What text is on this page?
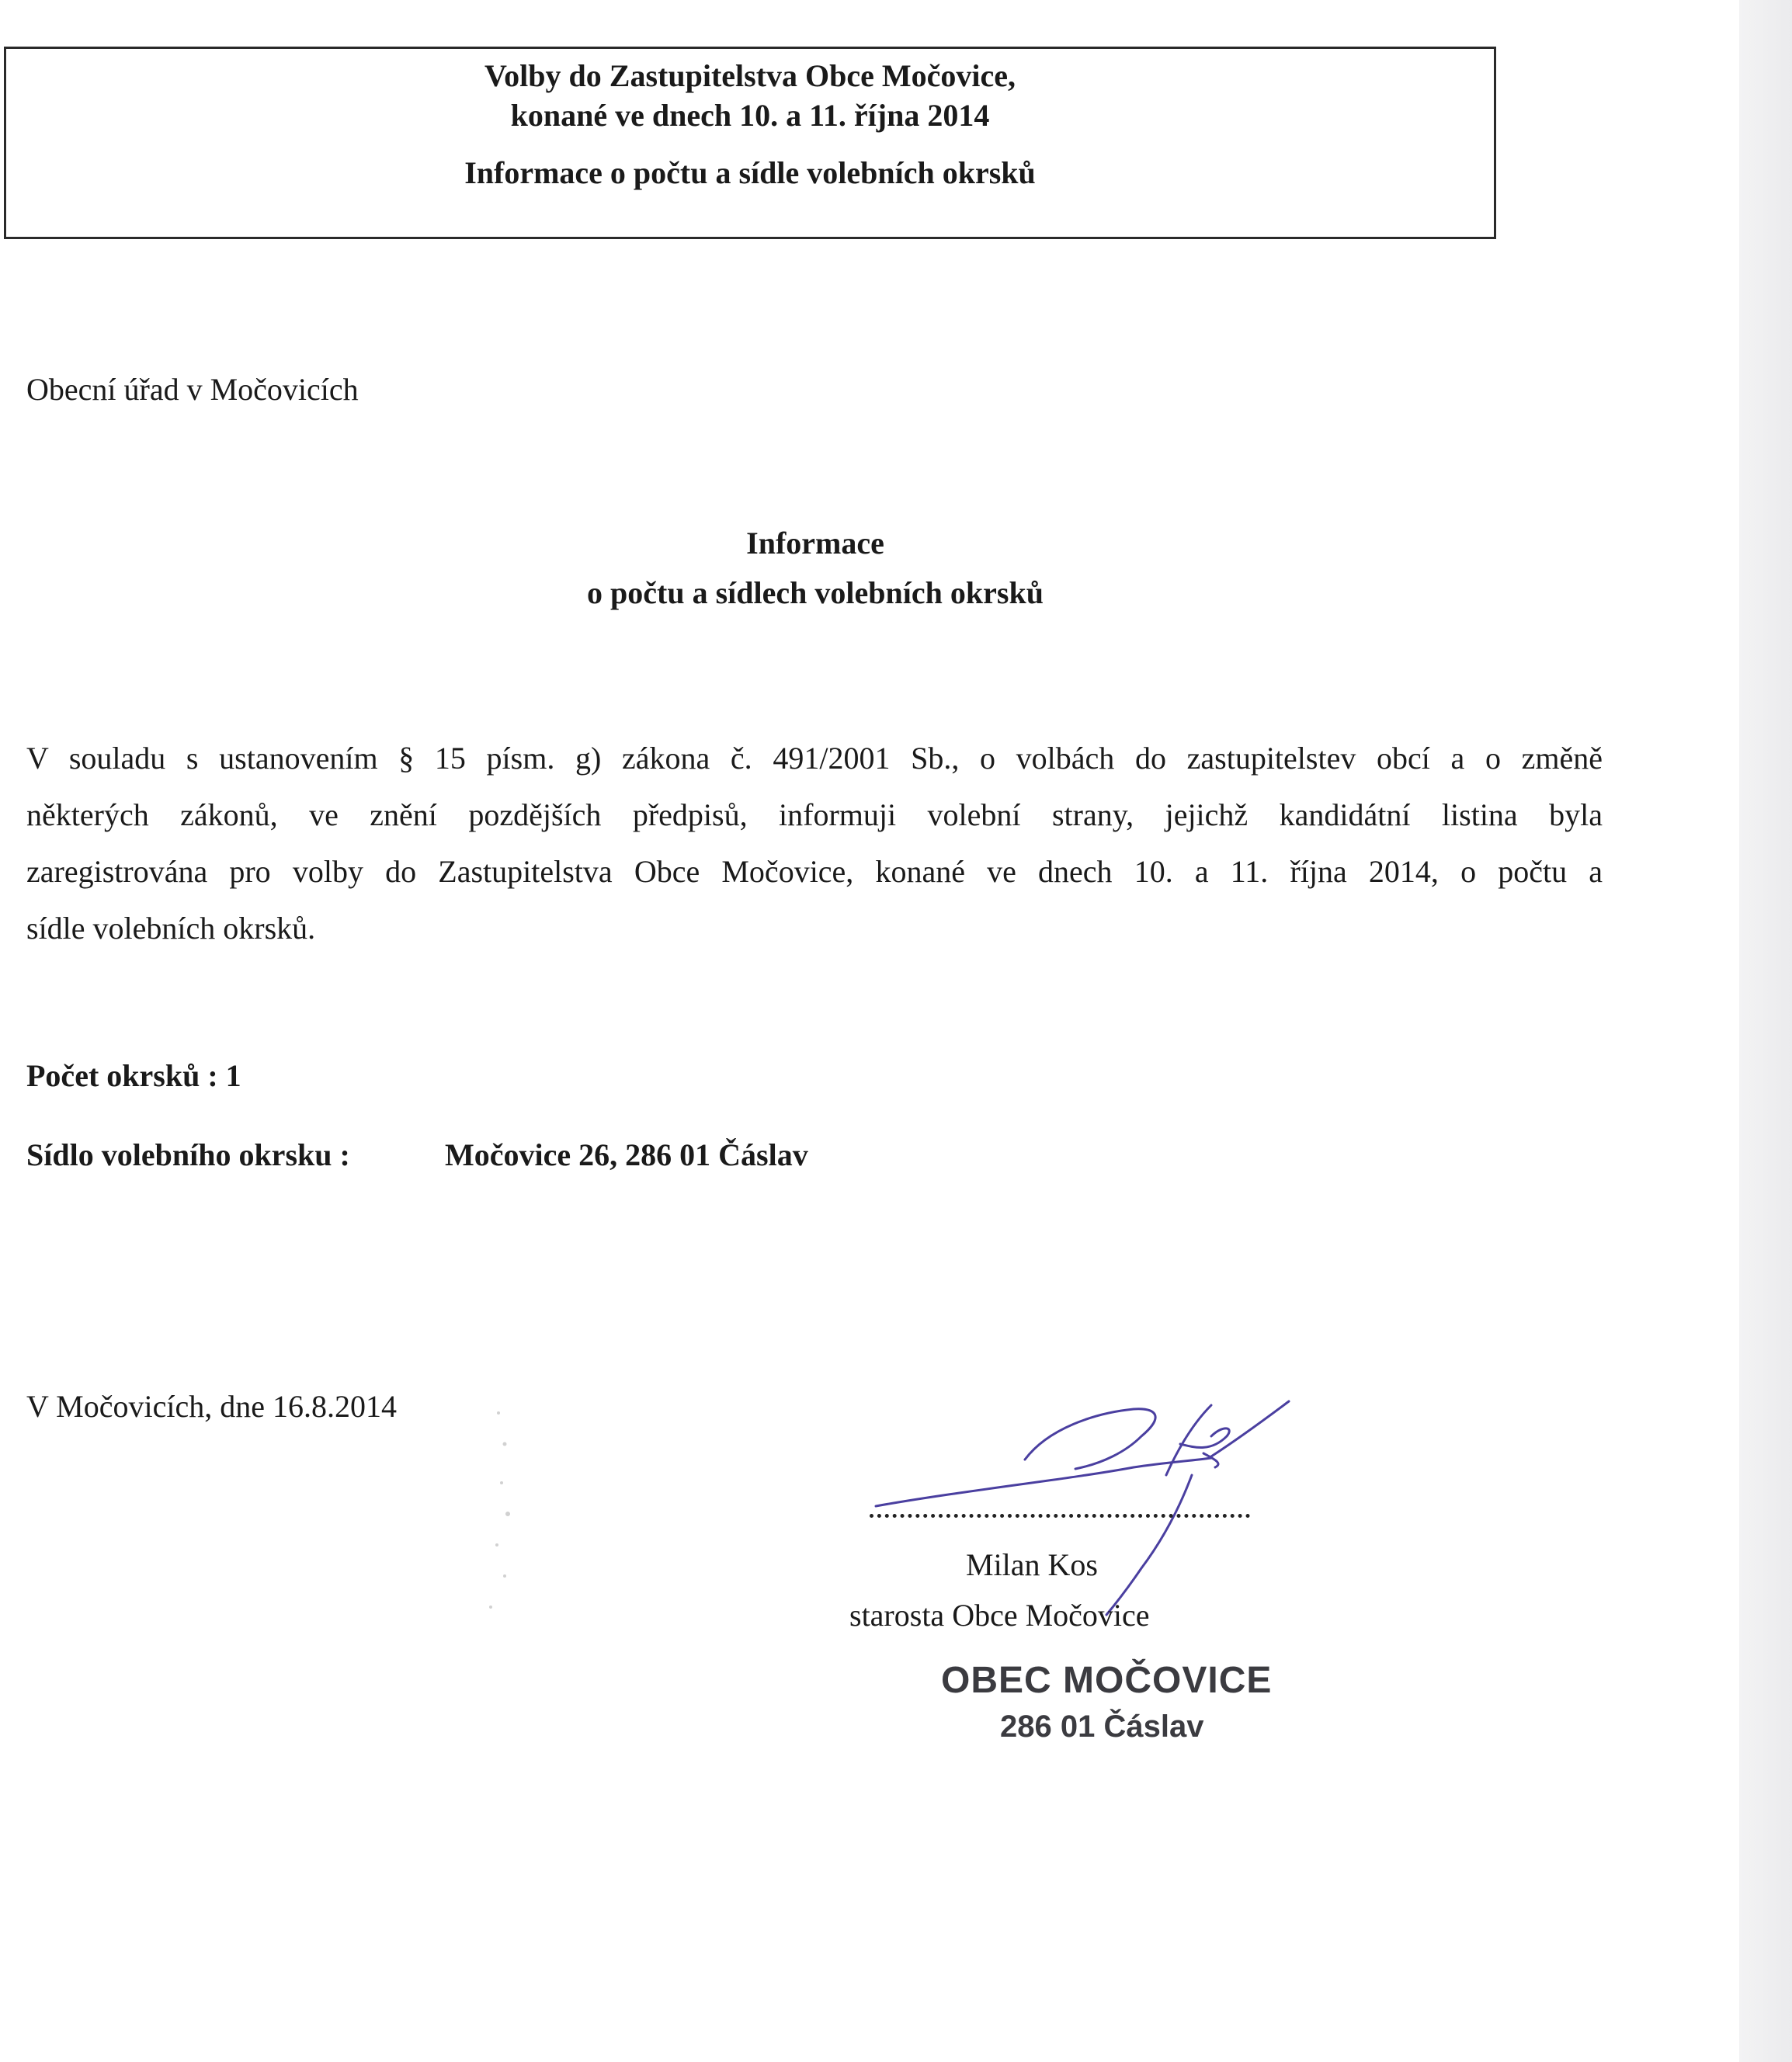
Volby do Zastupitelstva Obce Močovice,
konané ve dnech 10. a 11. října 2014
Informace o počtu a sídle volebních okrsků
Obecní úřad v Močovicích
Informace
o počtu a sídlech volebních okrsků
V souladu s ustanovením § 15 písm. g) zákona č. 491/2001 Sb., o volbách do zastupitelstev obcí a o změně
některých zákonů, ve znění pozdějších předpisů, informuji volební strany, jejichž kandidátní listina byla
zaregistrována pro volby do Zastupitelstva Obce Močovice, konané ve dnech 10. a 11. října 2014, o počtu a
sídle volebních okrsků.
Počet okrsků : 1
Sídlo volebního okrsku :	Močovice 26, 286 01 Čáslav
V Močovicích, dne 16.8.2014
Milan Kos
starosta Obce Močovice
OBEC MOČOVICE
286 01 Čáslav
